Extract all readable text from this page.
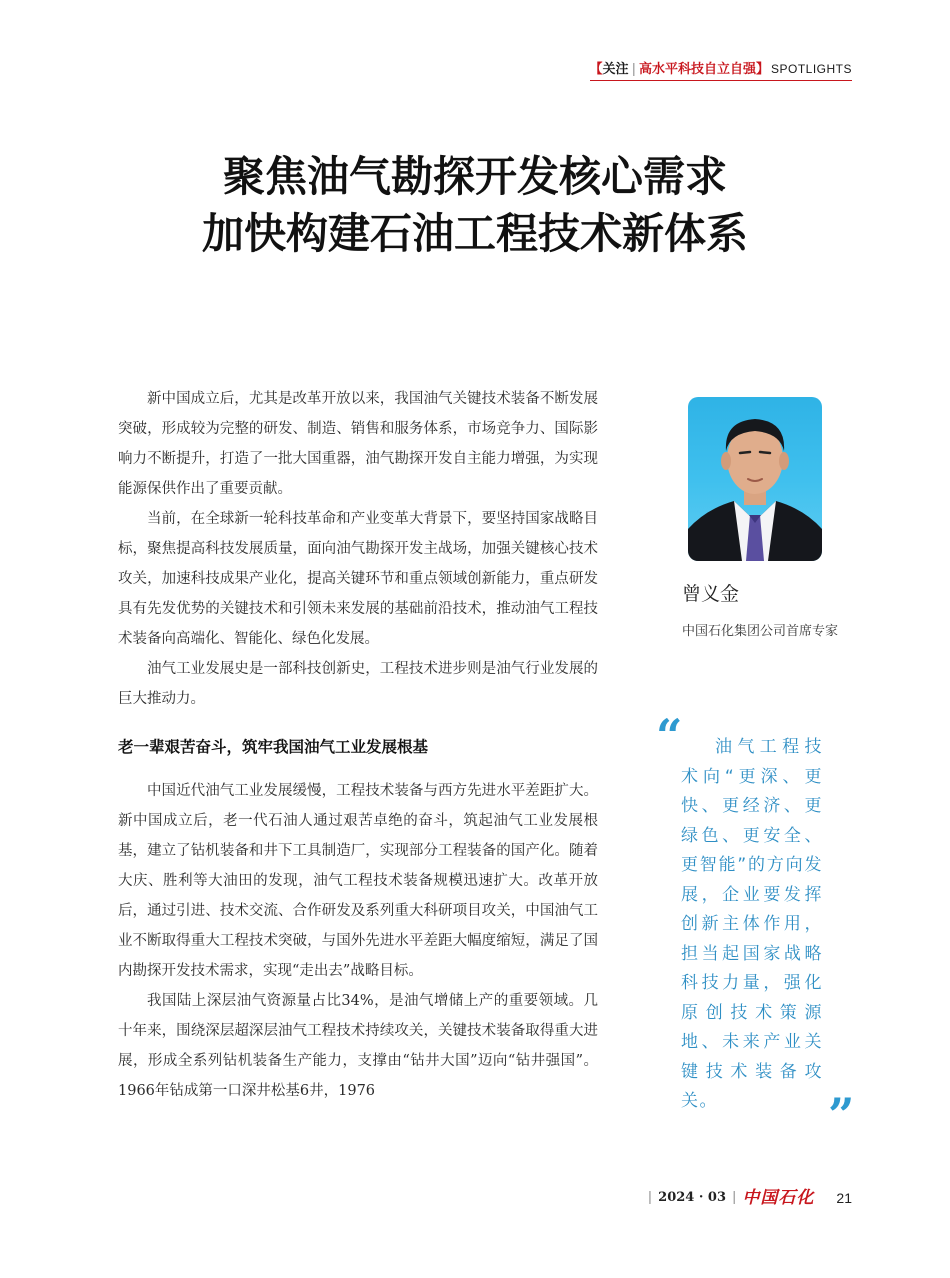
【关注 | 高水平科技自立自强】 SPOTLIGHTS
聚焦油气勘探开发核心需求
加快构建石油工程技术新体系

新中国成立后，尤其是改革开放以来，我国油气关键技术装备不断发展突破，形成较为完整的研发、制造、销售和服务体系，市场竞争力、国际影响力不断提升，打造了一批大国重器，油气勘探开发自主能力增强，为实现能源保供作出了重要贡献。

当前，在全球新一轮科技革命和产业变革大背景下，要坚持国家战略目标，聚焦提高科技发展质量，面向油气勘探开发主战场，加强关键核心技术攻关，加速科技成果产业化，提高关键环节和重点领域创新能力，重点研发具有先发优势的关键技术和引领未来发展的基础前沿技术，推动油气工程技术装备向高端化、智能化、绿色化发展。

油气工业发展史是一部科技创新史，工程技术进步则是油气行业发展的巨大推动力。

老一辈艰苦奋斗，筑牢我国油气工业发展根基

中国近代油气工业发展缓慢，工程技术装备与西方先进水平差距扩大。新中国成立后，老一代石油人通过艰苦卓绝的奋斗，筑起油气工业发展根基，建立了钻机装备和井下工具制造厂，实现部分工程装备的国产化。随着大庆、胜利等大油田的发现，油气工程技术装备规模迅速扩大。改革开放后，通过引进、技术交流、合作研发及系列重大科研项目攻关，中国油气工业不断取得重大工程技术突破，与国外先进水平差距大幅度缩短，满足了国内勘探开发技术需求，实现“走出去”战略目标。

我国陆上深层油气资源量占比34%，是油气增储上产的重要领域。几十年来，围绕深层超深层油气工程技术持续攻关，关键技术装备取得重大进展，形成全系列钻机装备生产能力，支撑由“钻井大国”迈向“钻井强国”。1966年钻成第一口深井松基6井，1976

曾义金
中国石化集团公司首席专家
“	油气工程技术向“更深、更快、更经济、更绿色、更安全、更智能”的方向发展，企业要发挥创新主体作用，担当起国家战略科技力量，强化原创技术策源地、未来产业关键技术装备攻关。	”
| 2024 · 03 | 中国石化 21
